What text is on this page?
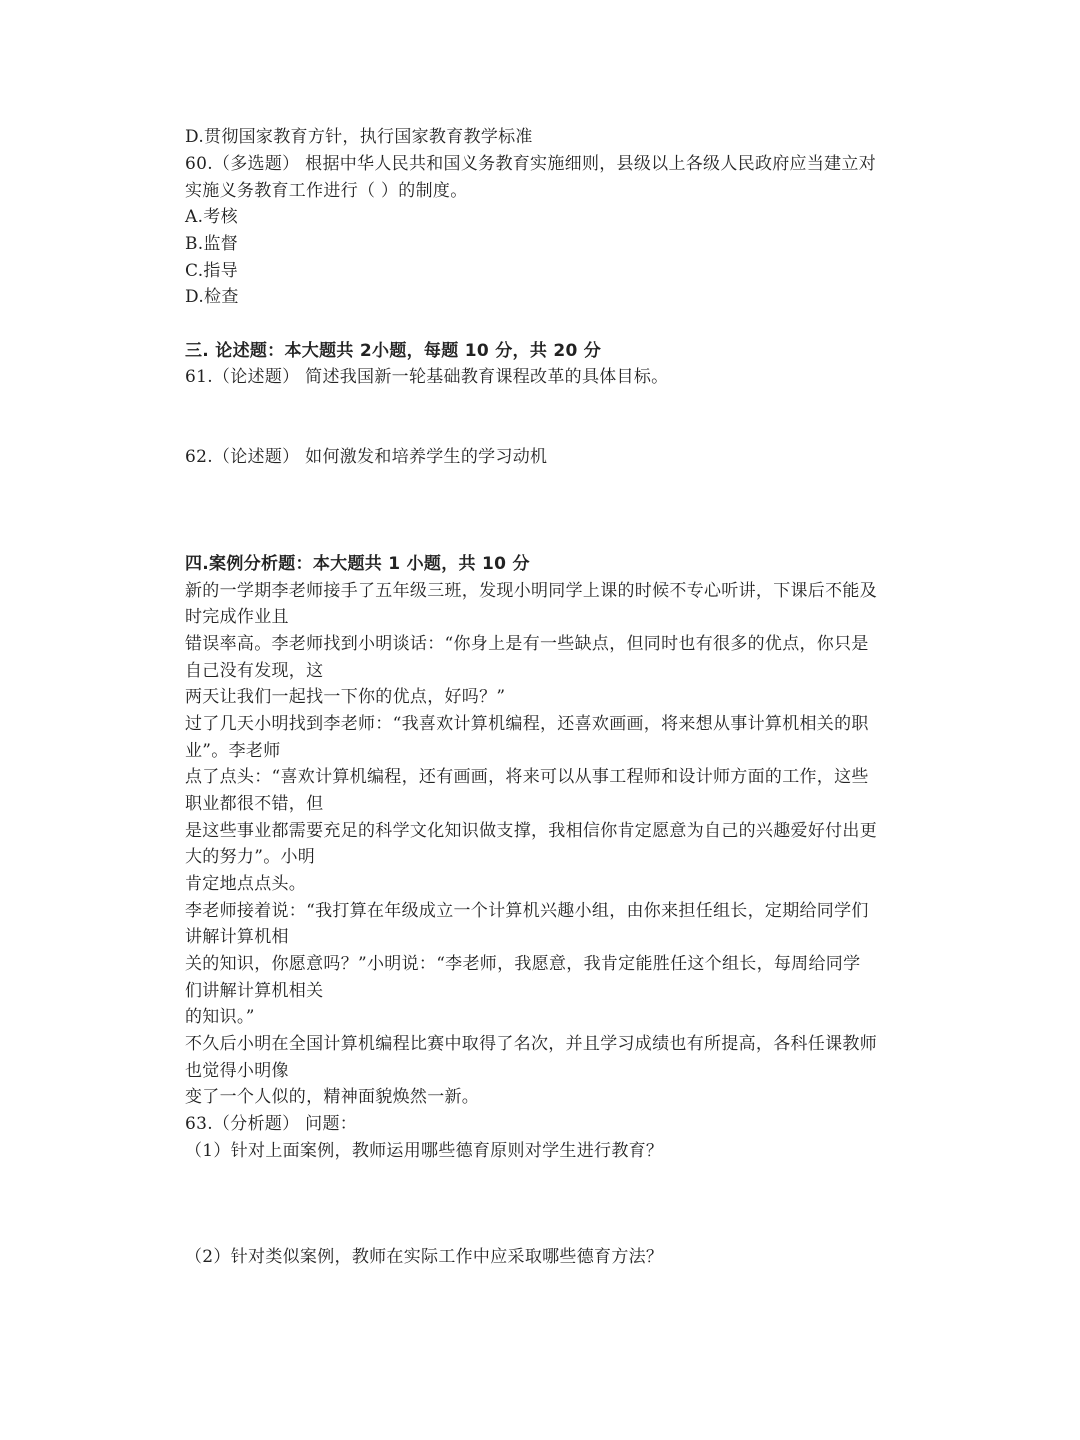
D.贯彻国家教育方针，执行国家教育教学标准
60.（多选题） 根据中华人民共和国义务教育实施细则，县级以上各级人民政府应当建立对
实施义务教育工作进行（ ）的制度。
A.考核
B.监督
C.指导
D.检查
三. 论述题：本大题共 2小题，每题 10 分，共 20 分
61.（论述题） 简述我国新一轮基础教育课程改革的具体目标。
62.（论述题） 如何激发和培养学生的学习动机
四.案例分析题：本大题共 1 小题，共 10 分
新的一学期李老师接手了五年级三班，发现小明同学上课的时候不专心听讲，下课后不能及
时完成作业且
错误率高。李老师找到小明谈话：“你身上是有一些缺点，但同时也有很多的优点，你只是
自己没有发现，这
两天让我们一起找一下你的优点，好吗？”
过了几天小明找到李老师：“我喜欢计算机编程，还喜欢画画，将来想从事计算机相关的职
业”。李老师
点了点头：“喜欢计算机编程，还有画画，将来可以从事工程师和设计师方面的工作，这些
职业都很不错，但
是这些事业都需要充足的科学文化知识做支撑，我相信你肯定愿意为自己的兴趣爱好付出更
大的努力”。小明
肯定地点点头。
李老师接着说：“我打算在年级成立一个计算机兴趣小组，由你来担任组长，定期给同学们
讲解计算机相
关的知识，你愿意吗？”小明说：“李老师，我愿意，我肯定能胜任这个组长，每周给同学
们讲解计算机相关
的知识。”
不久后小明在全国计算机编程比赛中取得了名次，并且学习成绩也有所提高，各科任课教师
也觉得小明像
变了一个人似的，精神面貌焕然一新。
63.（分析题） 问题：
（1）针对上面案例，教师运用哪些德育原则对学生进行教育？
（2）针对类似案例，教师在实际工作中应采取哪些德育方法？
